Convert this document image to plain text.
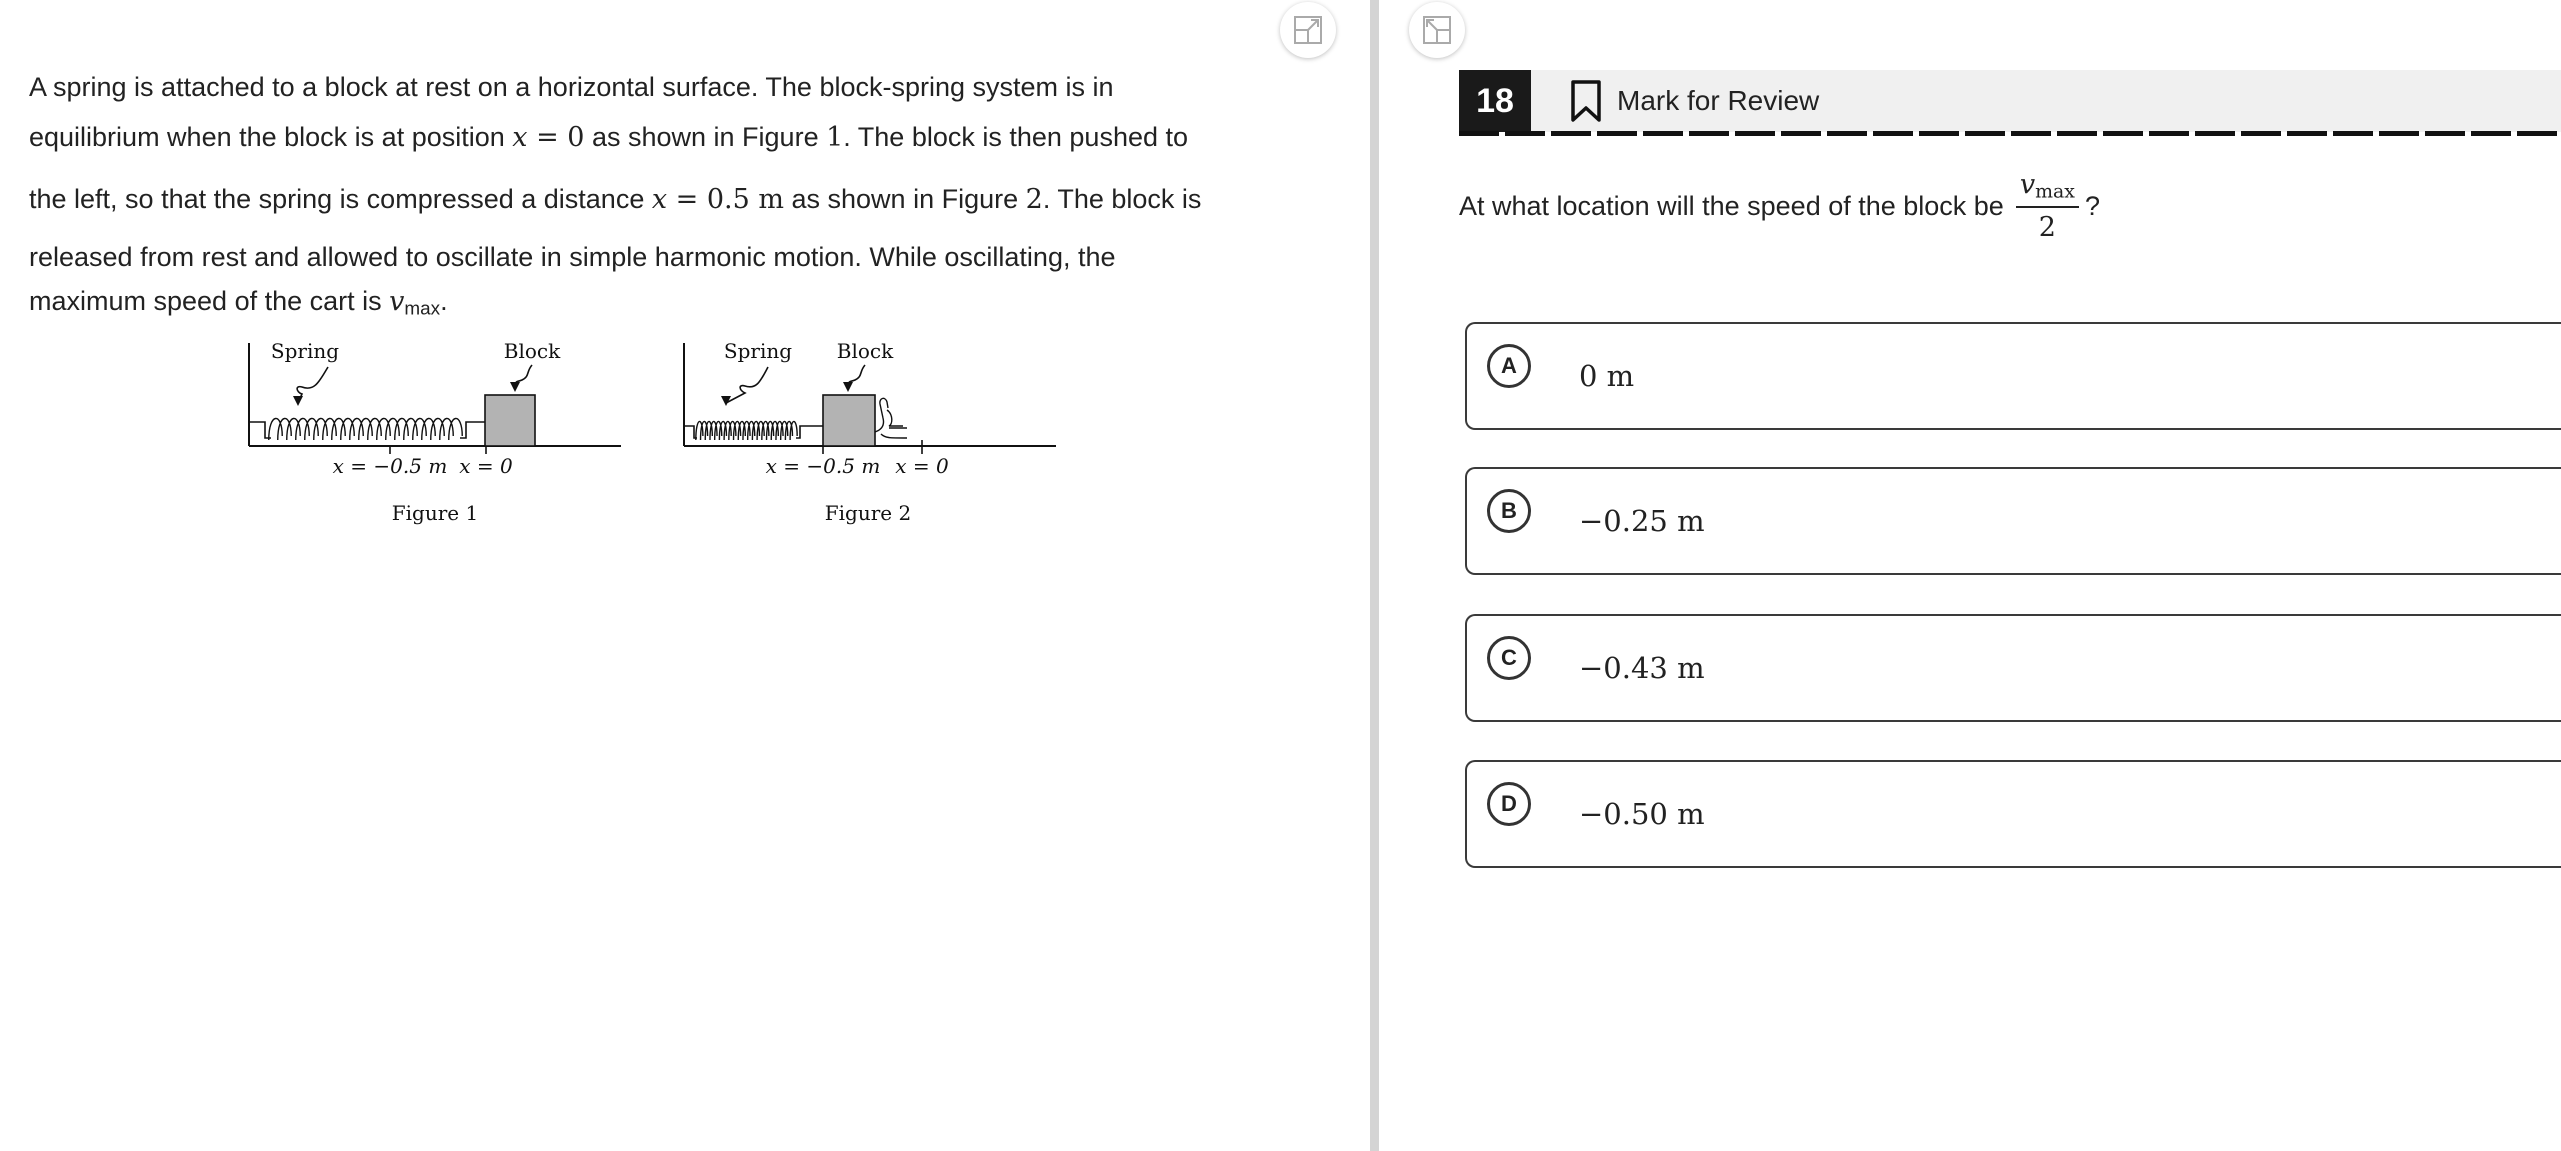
A spring is attached to a block at rest on a horizontal surface. The block-spring system is in
equilibrium when the block is at position x = 0 as shown in Figure 1. The block is then pushed to
the left, so that the spring is compressed a distance x = 0.5 m as shown in Figure 2. The block is
released from rest and allowed to oscillate in simple harmonic motion. While oscillating, the
maximum speed of the cart is $v_{max}$.
Spring	Block
x = −0.5 m x = 0
Figure 1
Spring Block
x = −0.5 m x = 0
Figure 2
18	Mark for Review
At what location will the speed of the block be $\frac{v_{max}}{2}$ ?
A	0 m
B	−0.25 m
C	−0.43 m
D	−0.50 m
